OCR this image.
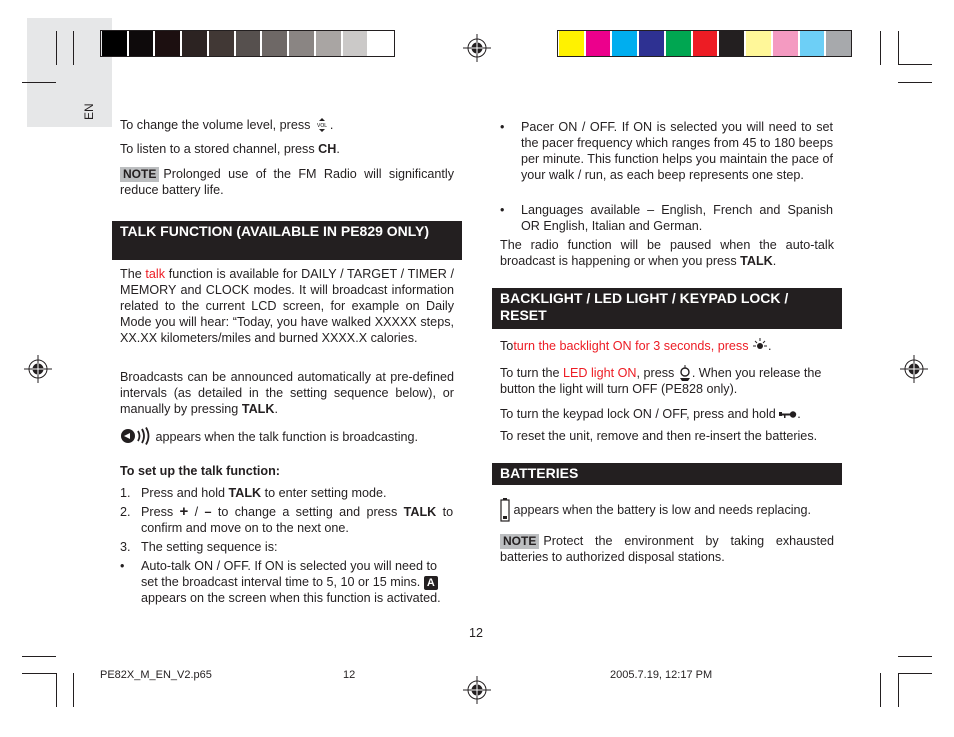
EN
To change the volume level, press VOL .
To listen to a stored channel, press CH.
NOTE Prolonged use of the FM Radio will significantly reduce battery life.
TALK FUNCTION (AVAILABLE IN PE829 ONLY)
The talk function is available for DAILY / TARGET / TIMER / MEMORY and CLOCK modes. It will broadcast information related to the current LCD screen, for example on Daily Mode you will hear: “Today, you have walked XXXXX steps, XX.XX kilometers/miles and burned XXXX.X calories.
Broadcasts can be announced automatically at pre-defined intervals (as detailed in the setting sequence below), or manually by pressing TALK.
appears when the talk function is broadcasting.
To set up the talk function:
1. Press and hold TALK to enter setting mode.
2. Press + / – to change a setting and press TALK to confirm and move on to the next one.
3. The setting sequence is:
• Auto-talk ON / OFF. If ON is selected you will need to set the broadcast interval time to 5, 10 or 15 mins. A appears on the screen when this function is activated.
• Pacer ON / OFF. If ON is selected you will need to set the pacer frequency which ranges from 45 to 180 beeps per minute. This function helps you maintain the pace of your walk / run, as each beep represents one step.
• Languages available – English, French and Spanish OR English, Italian and German.
The radio function will be paused when the auto-talk broadcast is happening or when you press TALK.
BACKLIGHT / LED LIGHT / KEYPAD LOCK / RESET
Toturn the backlight ON for 3 seconds, press .
To turn the LED light ON, press . When you release the button the light will turn OFF (PE828 only).
To turn the keypad lock ON / OFF, press and hold .
To reset the unit, remove and then re-insert the batteries.
BATTERIES
appears when the battery is low and needs replacing.
NOTE Protect the environment by taking exhausted batteries to authorized disposal stations.
12
PE82X_M_EN_V2.p65	12	2005.7.19, 12:17 PM
